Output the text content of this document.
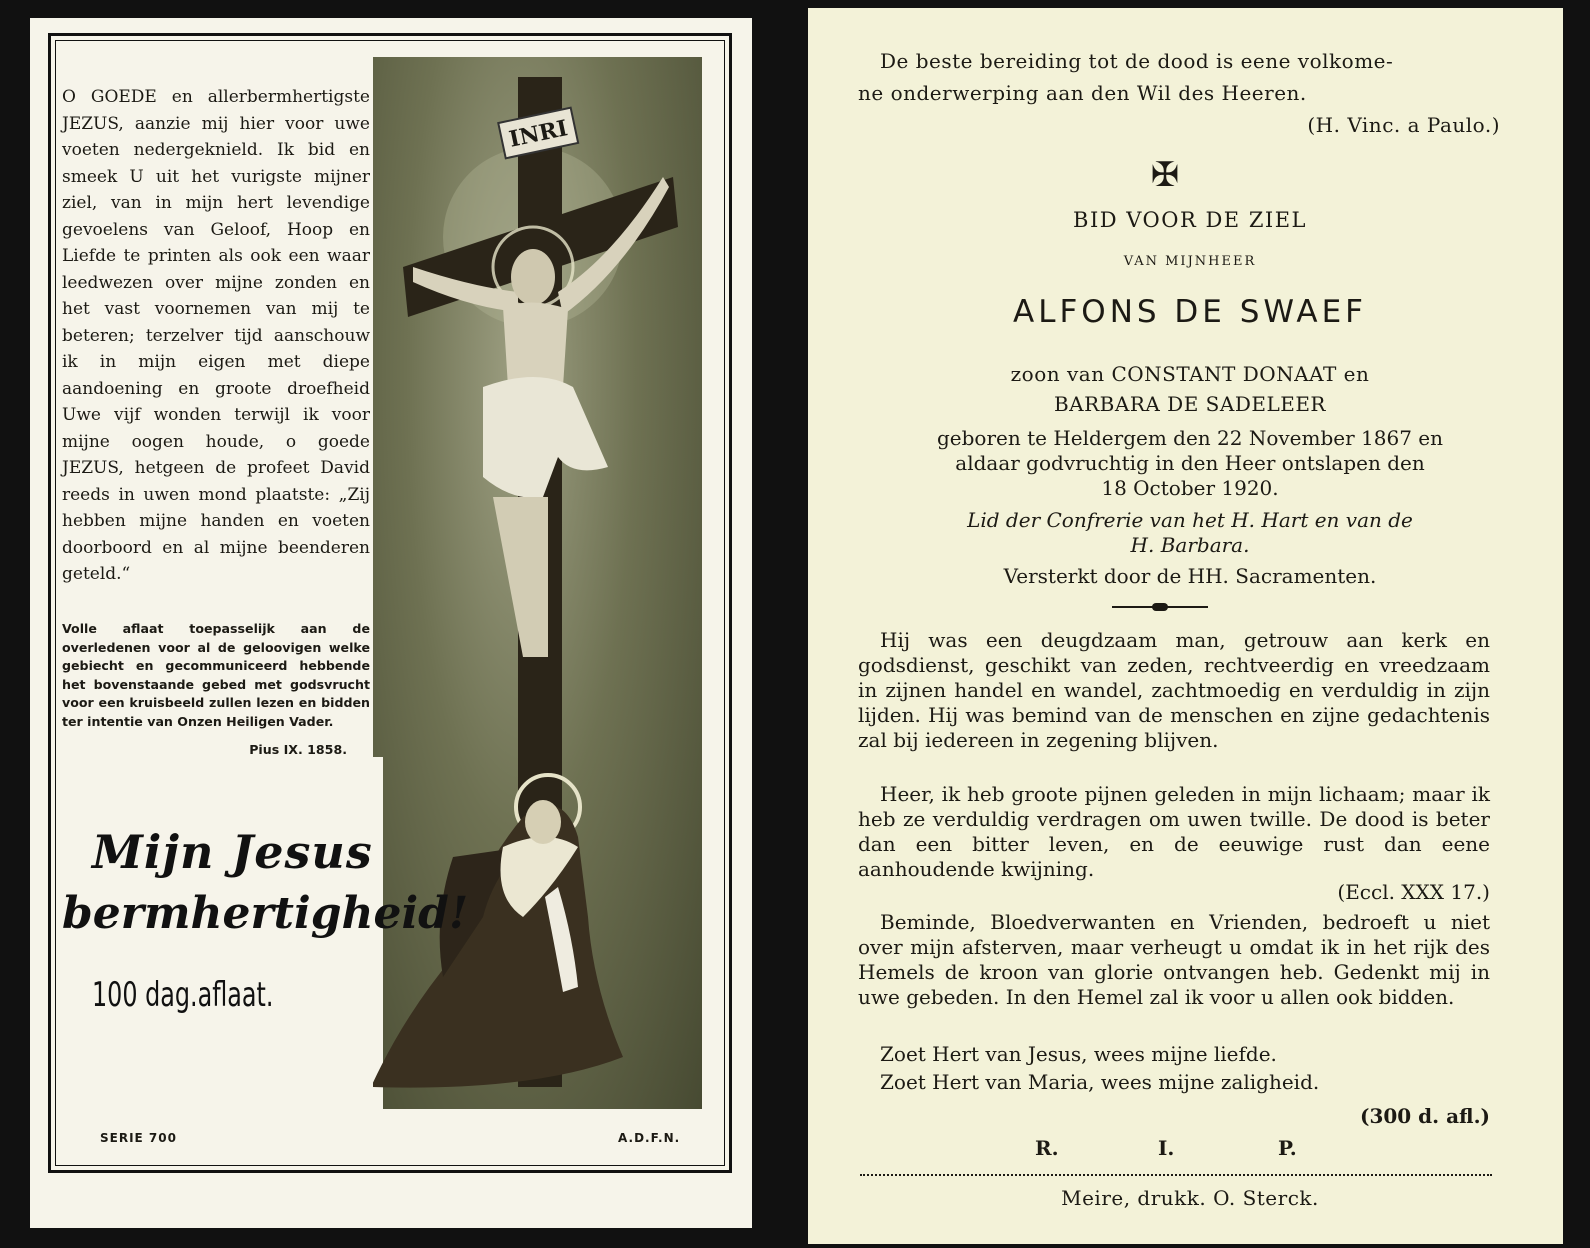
O GOEDE en allerbermhertigste JEZUS, aanzie mij hier voor uwe voeten nedergeknield. Ik bid en smeek U uit het vurigste mijner ziel, van in mijn hert levendige gevoelens van Geloof, Hoop en Liefde te printen als ook een waar leedwezen over mijne zonden en het vast voornemen van mij te beteren; terzelver tijd aanschouw ik in mijn eigen met diepe aandoening en groote droefheid Uwe vijf wonden terwijl ik voor mijne oogen houde, o goede JEZUS, hetgeen de profeet David reeds in uwen mond plaatste: „Zij hebben mijne handen en voeten doorboord en al mijne beenderen geteld.“

Volle aflaat toepasselijk aan de overledenen voor al de geloovigen welke gebiecht en gecommuniceerd hebbende het bovenstaande gebed met godsvrucht voor een kruisbeeld zullen lezen en bidden ter intentie van Onzen Heiligen Vader.
Pius IX. 1858.
INRI
Mijn Jesus
bermhertigheid!
100 dag.aflaat.
SERIE 700	A.D.F.N.
De beste bereiding tot de dood is eene volkome-
ne onderwerping aan den Wil des Heeren.
(H. Vinc. a Paulo.)
✠
BID VOOR DE ZIEL
VAN MIJNHEER
ALFONS DE SWAEF
zoon van CONSTANT DONAAT en
BARBARA DE SADELEER
geboren te Heldergem den 22 November 1867 en
aldaar godvruchtig in den Heer ontslapen den
18 October 1920.
Lid der Confrerie van het H. Hart en van de
H. Barbara.
Versterkt door de HH. Sacramenten.
Hij was een deugdzaam man, getrouw aan kerk en godsdienst, geschikt van zeden, rechtveerdig en vreedzaam in zijnen handel en wandel, zachtmoedig en verduldig in zijn lijden. Hij was bemind van de menschen en zijne gedachtenis zal bij iedereen in zegening blijven.
Heer, ik heb groote pijnen geleden in mijn lichaam; maar ik heb ze verduldig verdragen om uwen twille. De dood is beter dan een bitter leven, en de eeuwige rust dan eene aanhoudende kwijning.
(Eccl. XXX 17.)
Beminde, Bloedverwanten en Vrienden, bedroeft u niet over mijn afsterven, maar verheugt u omdat ik in het rijk des Hemels de kroon van glorie ontvangen heb. Gedenkt mij in uwe gebeden. In den Hemel zal ik voor u allen ook bidden.
Zoet Hert van Jesus, wees mijne liefde.
Zoet Hert van Maria, wees mijne zaligheid.
(300 d. afl.)
R.	I.	P.
Meire, drukk. O. Sterck.
